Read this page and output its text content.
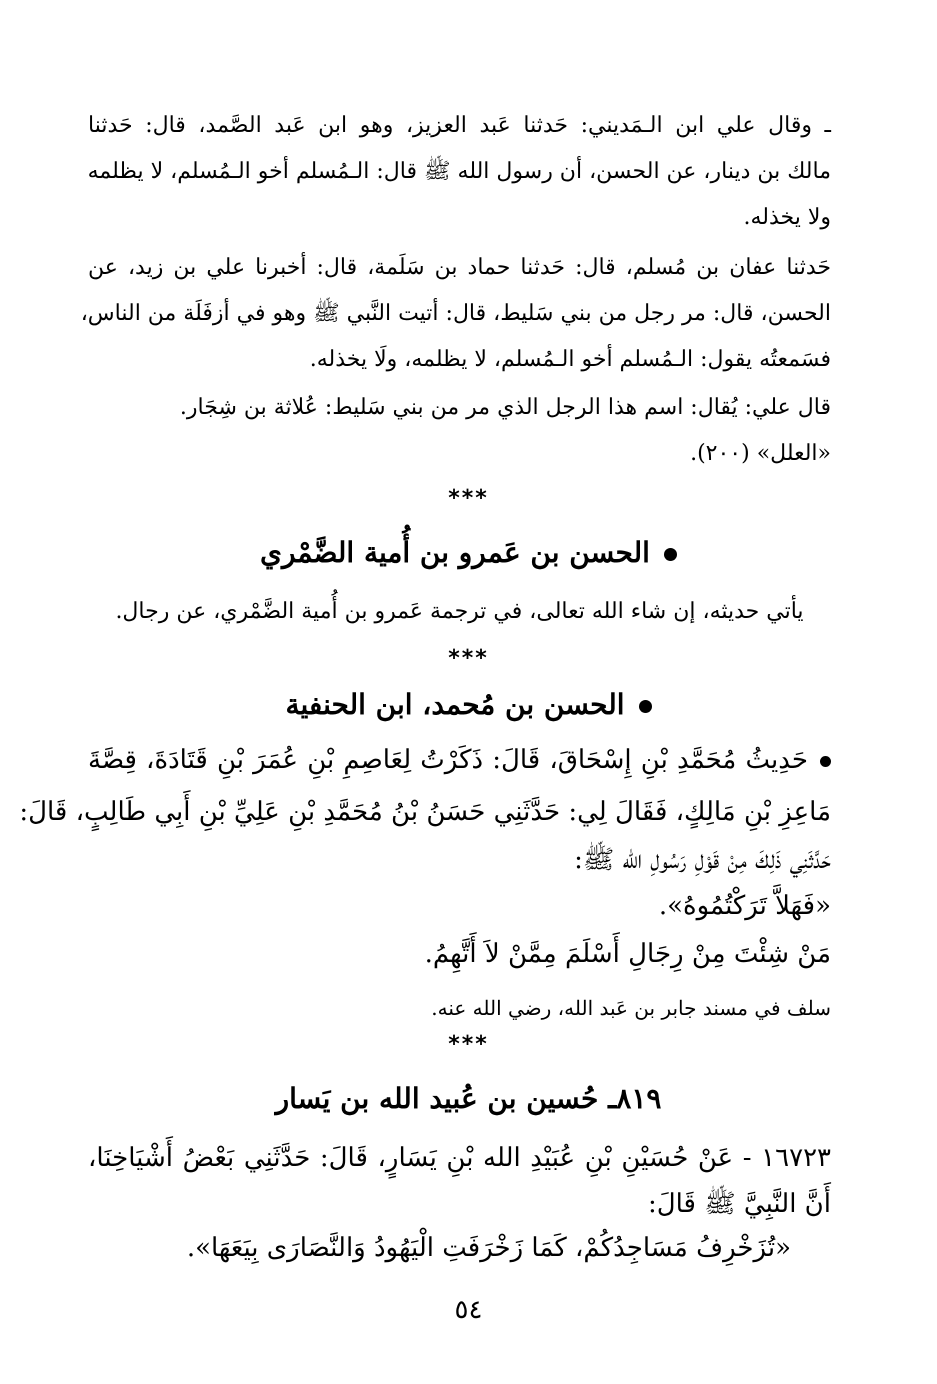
ـ وقال علي ابن الـمَديني: حَدثنا عَبد العزيز، وهو ابن عَبد الصَّمد، قال: حَدثنا
مالك بن دينار، عن الحسن، أن رسول الله ﷺ قال: الـمُسلم أخو الـمُسلم، لا يظلمه
ولا يخذله.
حَدثنا عفان بن مُسلم، قال: حَدثنا حماد بن سَلَمة، قال: أخبرنا علي بن زيد، عن
الحسن، قال: مر رجل من بني سَليط، قال: أتيت النَّبي ﷺ وهو في أزفَلَة من الناس،
فسَمعتُه يقول: الـمُسلم أخو الـمُسلم، لا يظلمه، ولَا يخذله.
قال علي: يُقال: اسم هذا الرجل الذي مر من بني سَليط: عُلاثة بن شِجَار.
«العلل» (٢٠٠).
***
الحسن بن عَمرو بن أُمية الضَّمْري
يأتي حديثه، إن شاء الله تعالى، في ترجمة عَمرو بن أُمية الضَّمْري، عن رجال.
***
الحسن بن مُحمد، ابن الحنفية
حَدِيثُ مُحَمَّدِ بْنِ إِسْحَاقَ، قَالَ: ذَكَرْتُ لِعَاصِمِ بْنِ عُمَرَ بْنِ قَتَادَةَ، قِصَّةَ
مَاعِزِ بْنِ مَالِكٍ، فَقَالَ لِي: حَدَّثَنِي حَسَنُ بْنُ مُحَمَّدِ بْنِ عَلِيِّ بْنِ أَبِي طَالِبٍ، قَالَ:
حَدَّثَنِي ذَلِكَ مِنْ قَوْلِ رَسُولِ الله ﷺ:
«فَهَلاَّ تَرَكْتُمُوهُ».
مَنْ شِئْتَ مِنْ رِجَالِ أَسْلَمَ مِمَّنْ لاَ أَتَّهِمُ.
سلف في مسند جابر بن عَبد الله، رضي الله عنه.
***
٨١٩ـ حُسين بن عُبيد الله بن يَسار
١٦٧٢٣ - عَنْ حُسَيْنِ بْنِ عُبَيْدِ الله بْنِ يَسَارٍ، قَالَ: حَدَّثَنِي بَعْضُ أَشْيَاخِنَا،
أَنَّ النَّبِيَّ ﷺ قَالَ:
«تُزَخْرِفُ مَسَاجِدُكُمْ، كَمَا زَخْرَفَتِ الْيَهُودُ وَالنَّصَارَى بِيَعَهَا».
٥٤
